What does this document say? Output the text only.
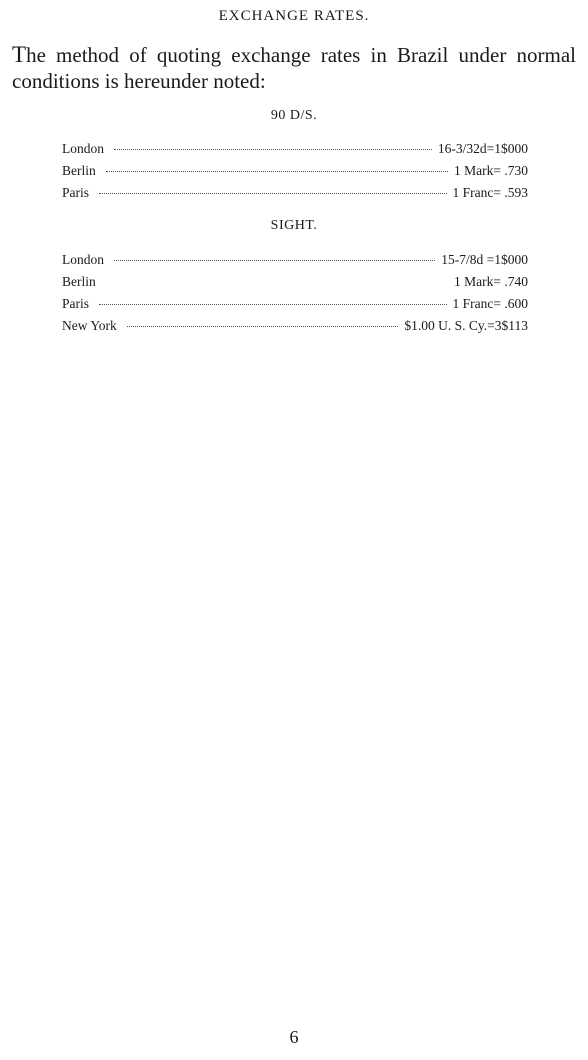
EXCHANGE RATES.
The method of quoting exchange rates in Brazil under normal conditions is hereunder noted:
90 D/S.
London	16-3/32d=1$000
Berlin	1 Mark= .730
Paris	1 Franc= .593
SIGHT.
London	15-7/8d =1$000
Berlin	1 Mark= .740
Paris	1 Franc= .600
New York	$1.00 U. S. Cy.=3$113
6
